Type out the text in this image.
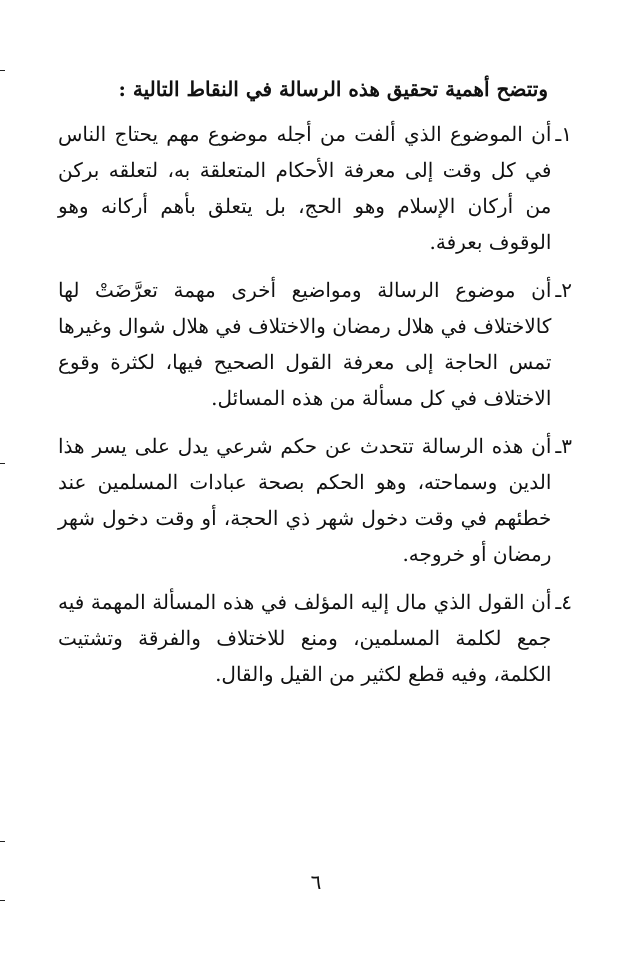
وتتضح أهمية تحقيق هذه الرسالة في النقاط التالية :
١ـ
أن الموضوع الذي ألفت من أجله موضوع مهم يحتاج الناس في كل وقت إلى معرفة الأحكام المتعلقة به، لتعلقه بركن من أركان الإسلام وهو الحج، بل يتعلق بأهم أركانه وهو الوقوف بعرفة.
٢ـ
أن موضوع الرسالة ومواضيع أخرى مهمة تعرَّضَتْ لها كالاختلاف في هلال رمضان والاختلاف في هلال شوال وغيرها تمس الحاجة إلى معرفة القول الصحيح فيها، لكثرة وقوع الاختلاف في كل مسألة من هذه المسائل.
٣ـ
أن هذه الرسالة تتحدث عن حكم شرعي يدل على يسر هذا الدين وسماحته، وهو الحكم بصحة عبادات المسلمين عند خطئهم في وقت دخول شهر ذي الحجة، أو وقت دخول شهر رمضان أو خروجه.
٤ـ
أن القول الذي مال إليه المؤلف في هذه المسألة المهمة فيه جمع لكلمة المسلمين، ومنع للاختلاف والفرقة وتشتيت الكلمة، وفيه قطع لكثير من القيل والقال.
٦
